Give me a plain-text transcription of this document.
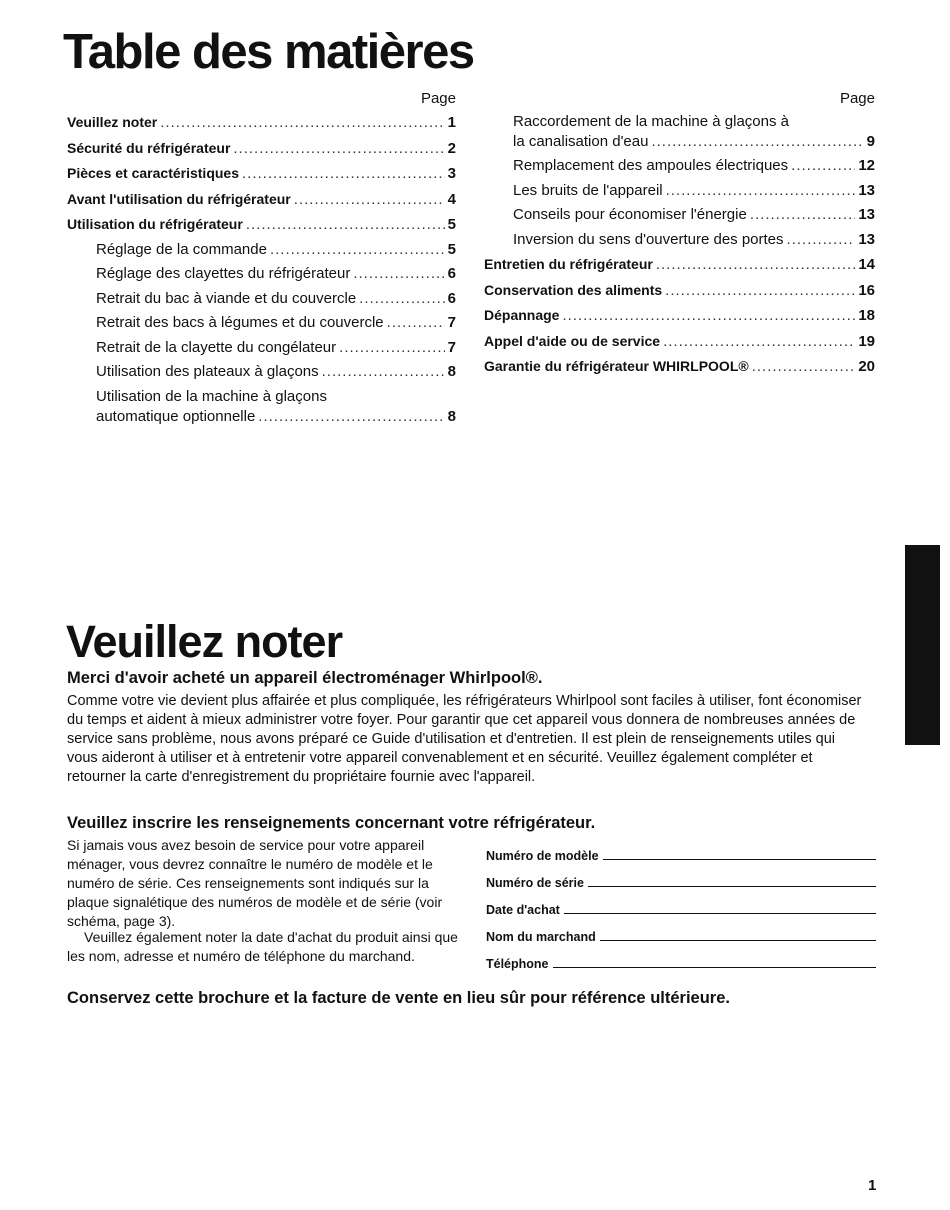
Table des matières
Page
Veuillez noter .....	1
Sécurité du réfrigérateur .....	2
Pièces et caractéristiques .....	3
Avant l'utilisation du réfrigérateur .....	4
Utilisation du réfrigérateur .....	5
Réglage de la commande .....	5
Réglage des clayettes du réfrigérateur .....	6
Retrait du bac à viande et du couvercle .....	6
Retrait des bacs à légumes et du couvercle .....	7
Retrait de la clayette du congélateur .....	7
Utilisation des plateaux à glaçons .....	8
Utilisation de la machine à glaçons
automatique optionnelle .....	8
Page
Raccordement de la machine à glaçons à
la canalisation d'eau .....	9
Remplacement des ampoules électriques .....	12
Les bruits de l'appareil .....	13
Conseils pour économiser l'énergie .....	13
Inversion du sens d'ouverture des portes .....	13
Entretien du réfrigérateur .....	14
Conservation des aliments .....	16
Dépannage .....	18
Appel d'aide ou de service .....	19
Garantie du réfrigérateur WHIRLPOOL® .....	20
Veuillez noter

Merci d'avoir acheté un appareil électroménager Whirlpool®.

Comme votre vie devient plus affairée et plus compliquée, les réfrigérateurs Whirlpool sont faciles à utiliser, font économiser du temps et aident à mieux administrer votre foyer. Pour garantir que cet appareil vous donnera de nombreuses années de service sans problème, nous avons préparé ce Guide d'utilisation et d'entretien. Il est plein de renseignements utiles qui vous aideront à utiliser et à entretenir votre appareil convenablement et en sécurité. Veuillez également compléter et retourner la carte d'enregistrement du propriétaire fournie avec l'appareil.

Veuillez inscrire les renseignements concernant votre réfrigérateur.

Si jamais vous avez besoin de service pour votre appareil ménager, vous devrez connaître le numéro de modèle et le numéro de série. Ces renseignements sont indiqués sur la plaque signalétique des numéros de modèle et de série (voir schéma, page 3).

Veuillez également noter la date d'achat du produit ainsi que les nom, adresse et numéro de téléphone du marchand.

Numéro de modèle
Numéro de série
Date d'achat
Nom du marchand
Téléphone

Conservez cette brochure et la facture de vente en lieu sûr pour référence ultérieure.

1
